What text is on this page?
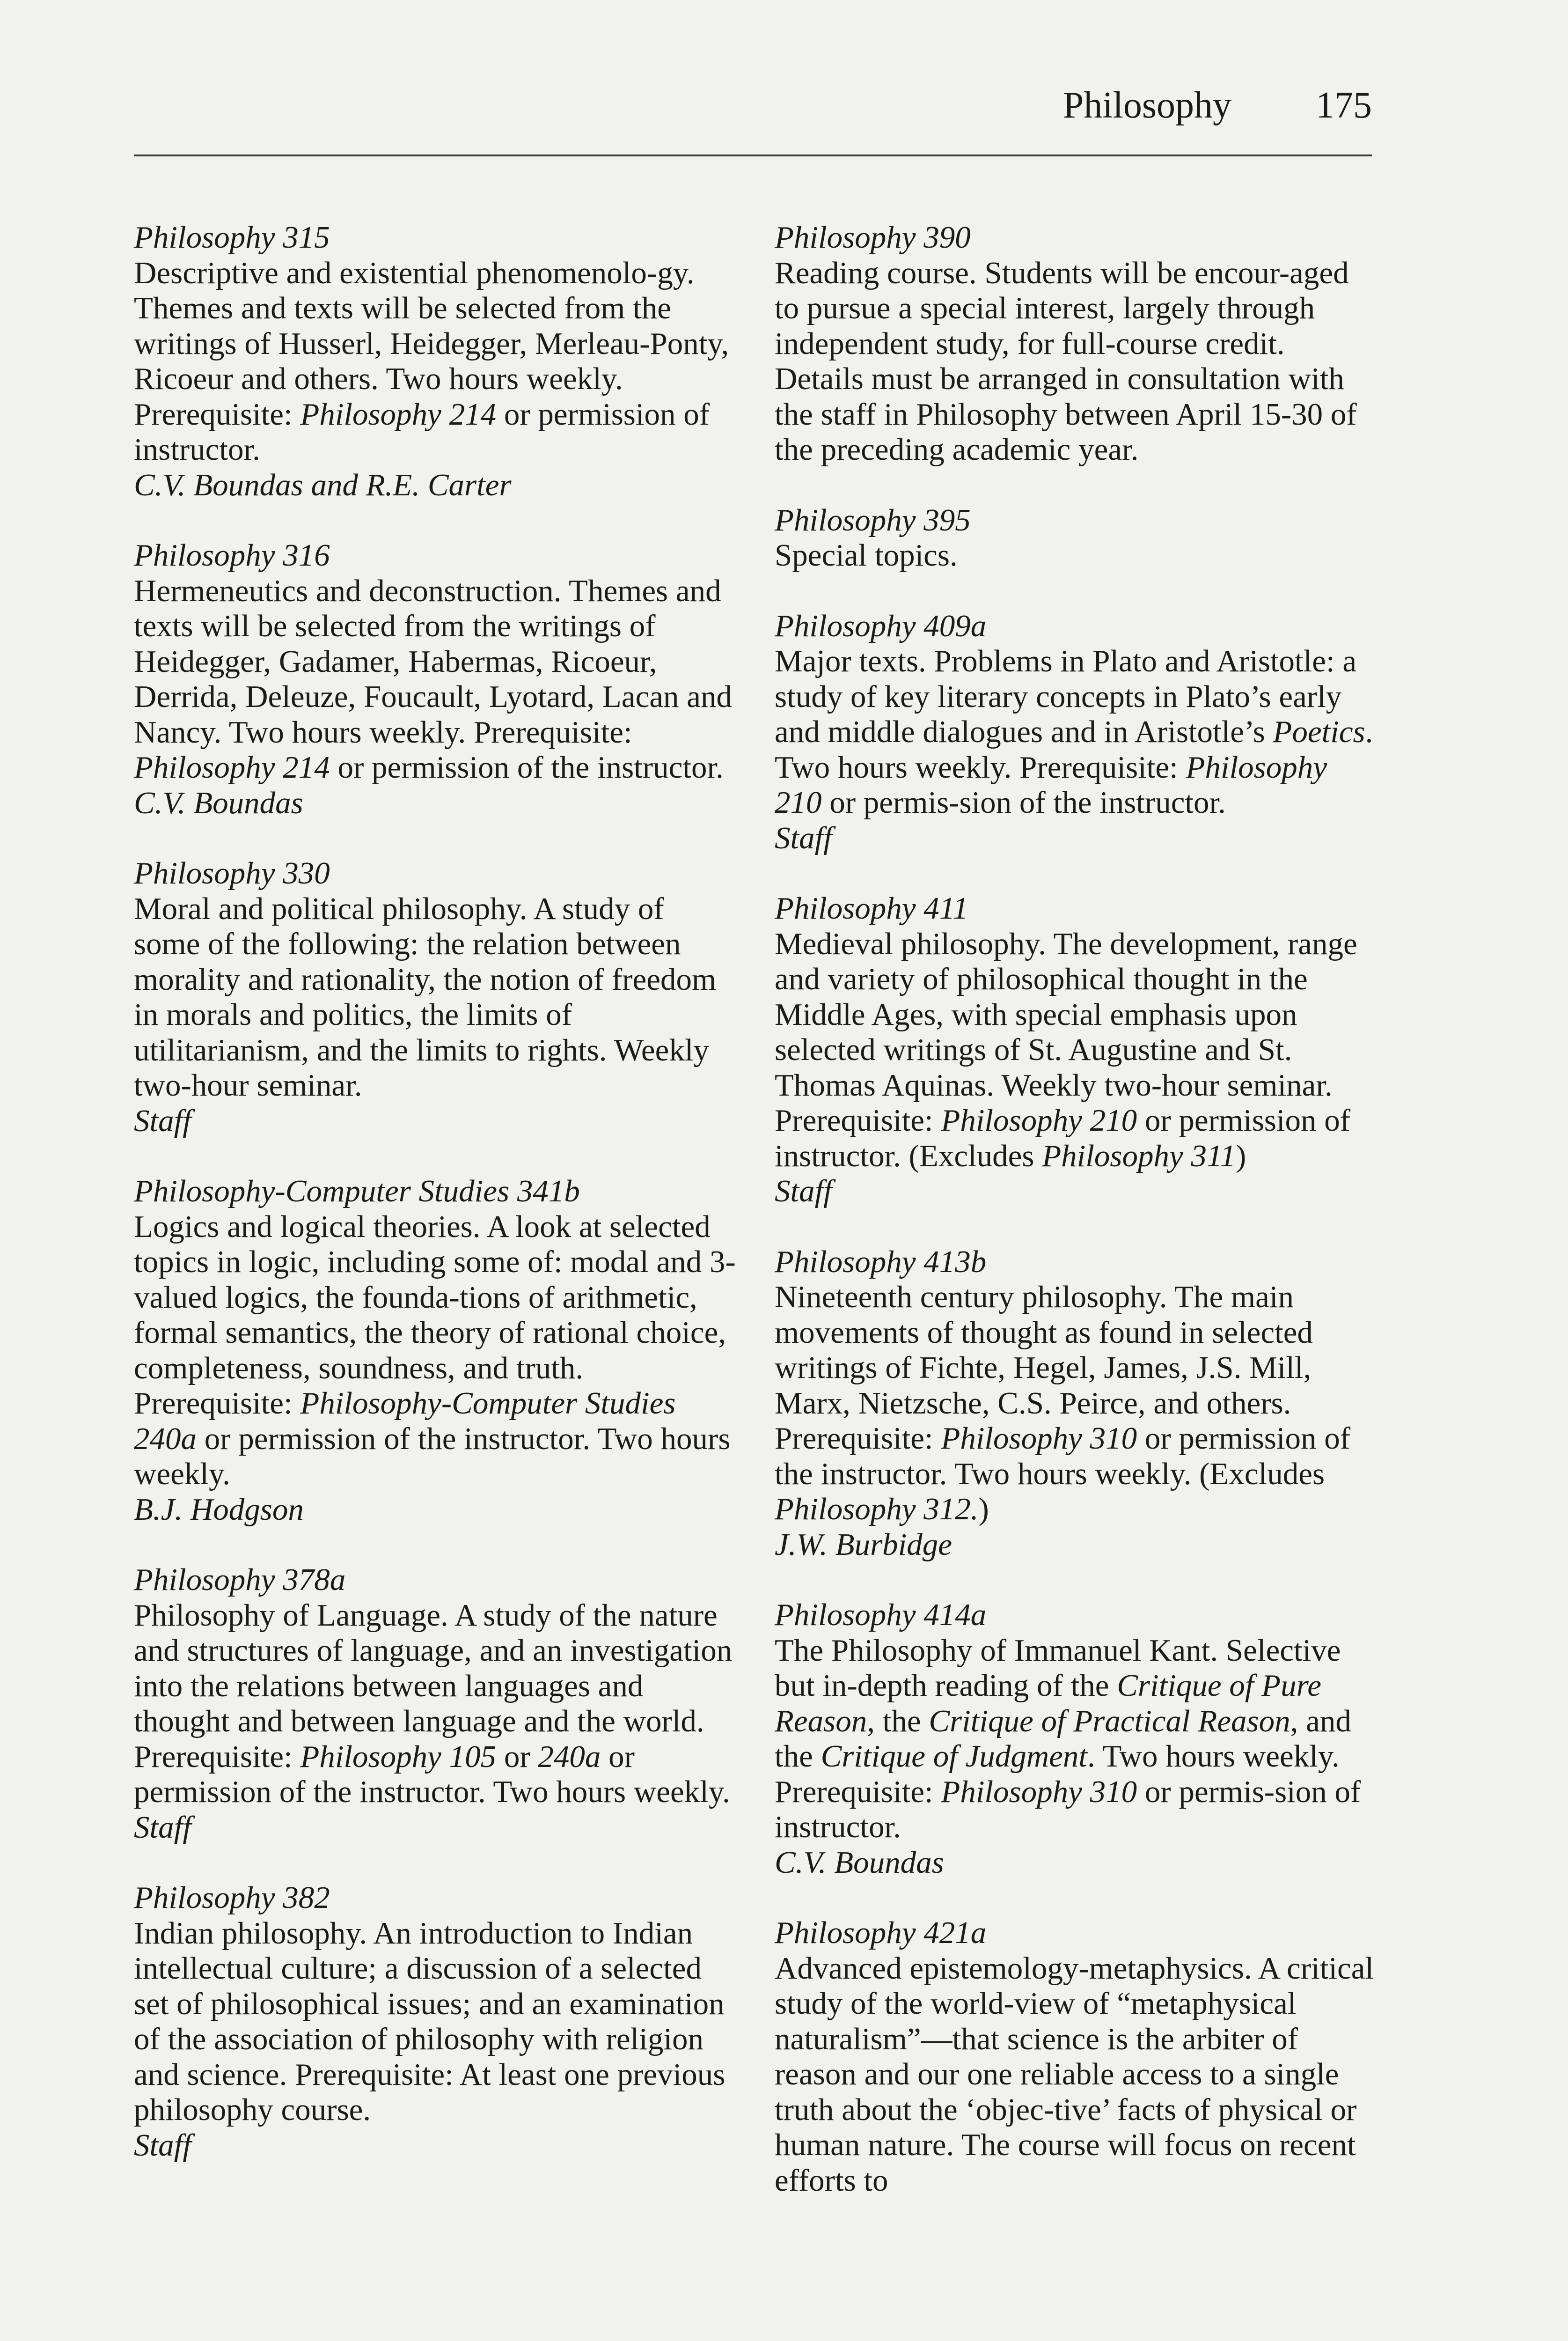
Philosophy 175

Philosophy 315

Descriptive and existential phenomenolo-gy. Themes and texts will be selected from the writings of Husserl, Heidegger, Merleau-Ponty, Ricoeur and others. Two hours weekly. Prerequisite: Philosophy 214 or permission of instructor.

C.V. Boundas and R.E. Carter

Philosophy 316

Hermeneutics and deconstruction. Themes and texts will be selected from the writings of Heidegger, Gadamer, Habermas, Ricoeur, Derrida, Deleuze, Foucault, Lyotard, Lacan and Nancy. Two hours weekly. Prerequisite: Philosophy 214 or permission of the instructor.

C.V. Boundas

Philosophy 330

Moral and political philosophy. A study of some of the following: the relation between morality and rationality, the notion of freedom in morals and politics, the limits of utilitarianism, and the limits to rights. Weekly two-hour seminar.

Staff

Philosophy-Computer Studies 341b

Logics and logical theories. A look at selected topics in logic, including some of: modal and 3-valued logics, the founda-tions of arithmetic, formal semantics, the theory of rational choice, completeness, soundness, and truth. Prerequisite: Philosophy-Computer Studies 240a or permission of the instructor. Two hours weekly.

B.J. Hodgson

Philosophy 378a

Philosophy of Language. A study of the nature and structures of language, and an investigation into the relations between languages and thought and between language and the world. Prerequisite: Philosophy 105 or 240a or permission of the instructor. Two hours weekly.

Staff

Philosophy 382

Indian philosophy. An introduction to Indian intellectual culture; a discussion of a selected set of philosophical issues; and an examination of the association of philosophy with religion and science. Prerequisite: At least one previous philosophy course.

Staff

Philosophy 390

Reading course. Students will be encour-aged to pursue a special interest, largely through independent study, for full-course credit. Details must be arranged in consultation with the staff in Philosophy between April 15-30 of the preceding academic year.

Philosophy 395

Special topics.

Philosophy 409a

Major texts. Problems in Plato and Aristotle: a study of key literary concepts in Plato’s early and middle dialogues and in Aristotle’s Poetics. Two hours weekly. Prerequisite: Philosophy 210 or permis-sion of the instructor.

Staff

Philosophy 411

Medieval philosophy. The development, range and variety of philosophical thought in the Middle Ages, with special emphasis upon selected writings of St. Augustine and St. Thomas Aquinas. Weekly two-hour seminar. Prerequisite: Philosophy 210 or permission of instructor. (Excludes Philosophy 311)

Staff

Philosophy 413b

Nineteenth century philosophy. The main movements of thought as found in selected writings of Fichte, Hegel, James, J.S. Mill, Marx, Nietzsche, C.S. Peirce, and others. Prerequisite: Philosophy 310 or permission of the instructor. Two hours weekly. (Excludes Philosophy 312.)

J.W. Burbidge

Philosophy 414a

The Philosophy of Immanuel Kant. Selective but in-depth reading of the Critique of Pure Reason, the Critique of Practical Reason, and the Critique of Judgment. Two hours weekly. Prerequisite: Philosophy 310 or permis-sion of instructor.

C.V. Boundas

Philosophy 421a

Advanced epistemology-metaphysics. A critical study of the world-view of “metaphysical naturalism”—that science is the arbiter of reason and our one reliable access to a single truth about the ‘objec-tive’ facts of physical or human nature. The course will focus on recent efforts to
